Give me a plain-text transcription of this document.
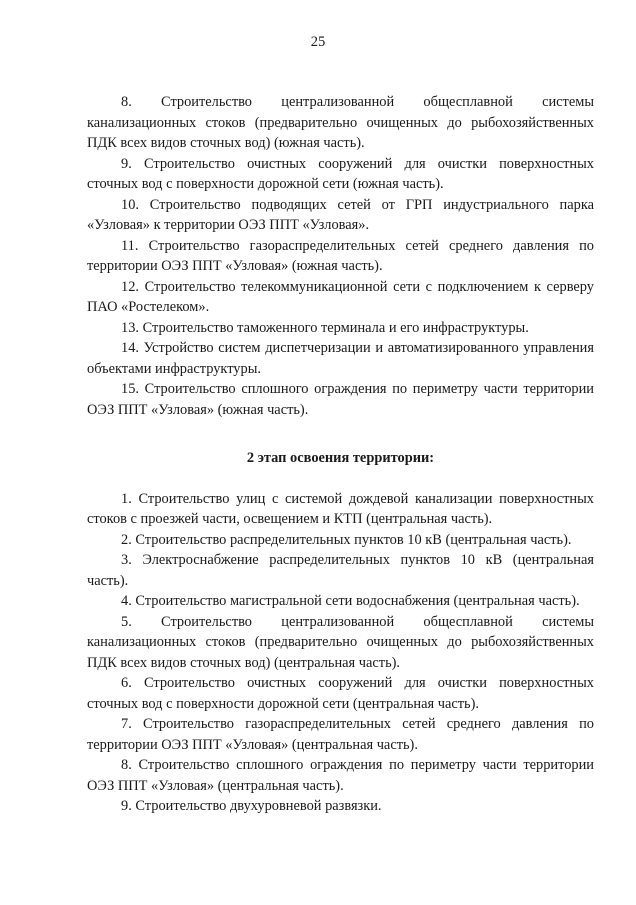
25

8. Строительство централизованной общесплавной системы канализационных стоков (предварительно очищенных до рыбохозяйственных ПДК всех видов сточных вод) (южная часть).

9. Строительство очистных сооружений для очистки поверхностных сточных вод с поверхности дорожной сети (южная часть).

10. Строительство подводящих сетей от ГРП индустриального парка «Узловая» к территории ОЭЗ ППТ «Узловая».

11. Строительство газораспределительных сетей среднего давления по территории ОЭЗ ППТ «Узловая» (южная часть).

12. Строительство телекоммуникационной сети с подключением к серверу ПАО «Ростелеком».

13. Строительство таможенного терминала и его инфраструктуры.

14. Устройство систем диспетчеризации и автоматизированного управления объектами инфраструктуры.

15. Строительство сплошного ограждения по периметру части территории ОЭЗ ППТ «Узловая» (южная часть).

2 этап освоения территории:

1. Строительство улиц с системой дождевой канализации поверхностных стоков с проезжей части, освещением и КТП (центральная часть).

2. Строительство распределительных пунктов 10 кВ (центральная часть).

3. Электроснабжение распределительных пунктов 10 кВ (центральная часть).

4. Строительство магистральной сети водоснабжения (центральная часть).

5. Строительство централизованной общесплавной системы канализационных стоков (предварительно очищенных до рыбохозяйственных ПДК всех видов сточных вод) (центральная часть).

6. Строительство очистных сооружений для очистки поверхностных сточных вод с поверхности дорожной сети (центральная часть).

7. Строительство газораспределительных сетей среднего давления по территории ОЭЗ ППТ «Узловая» (центральная часть).

8. Строительство сплошного ограждения по периметру части территории ОЭЗ ППТ «Узловая» (центральная часть).

9. Строительство двухуровневой развязки.
